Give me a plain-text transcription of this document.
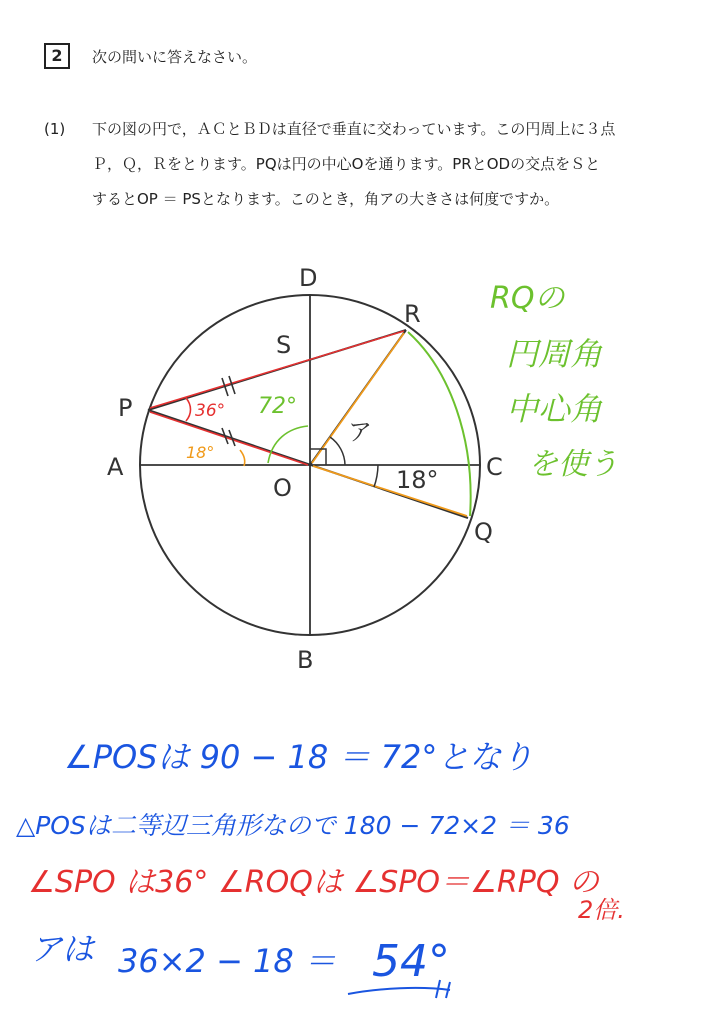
2	次の問いに答えなさい。
(1) 下の図の円で，ＡＣとＢＤは直径で垂直に交わっています。この円周上に３点
Ｐ，Ｑ，Ｒをとります。PQは円の中心Oを通ります。PRとODの交点をＳと
するとOP ＝ PSとなります。このとき，角アの大きさは何度ですか。
D
R
S
P
A	C
O
Q
B
ア
18°
36° 72°
18°
RQの
円周角
中心角
を使う
∠POSは 90 − 18 ＝ 72°となり
△POSは二等辺三角形なので 180 − 72×2 ＝ 36
∠SPO は36° ∠ROQは ∠SPO＝∠RPQ の
2倍.
アは 36×2 − 18 ＝ 54°
